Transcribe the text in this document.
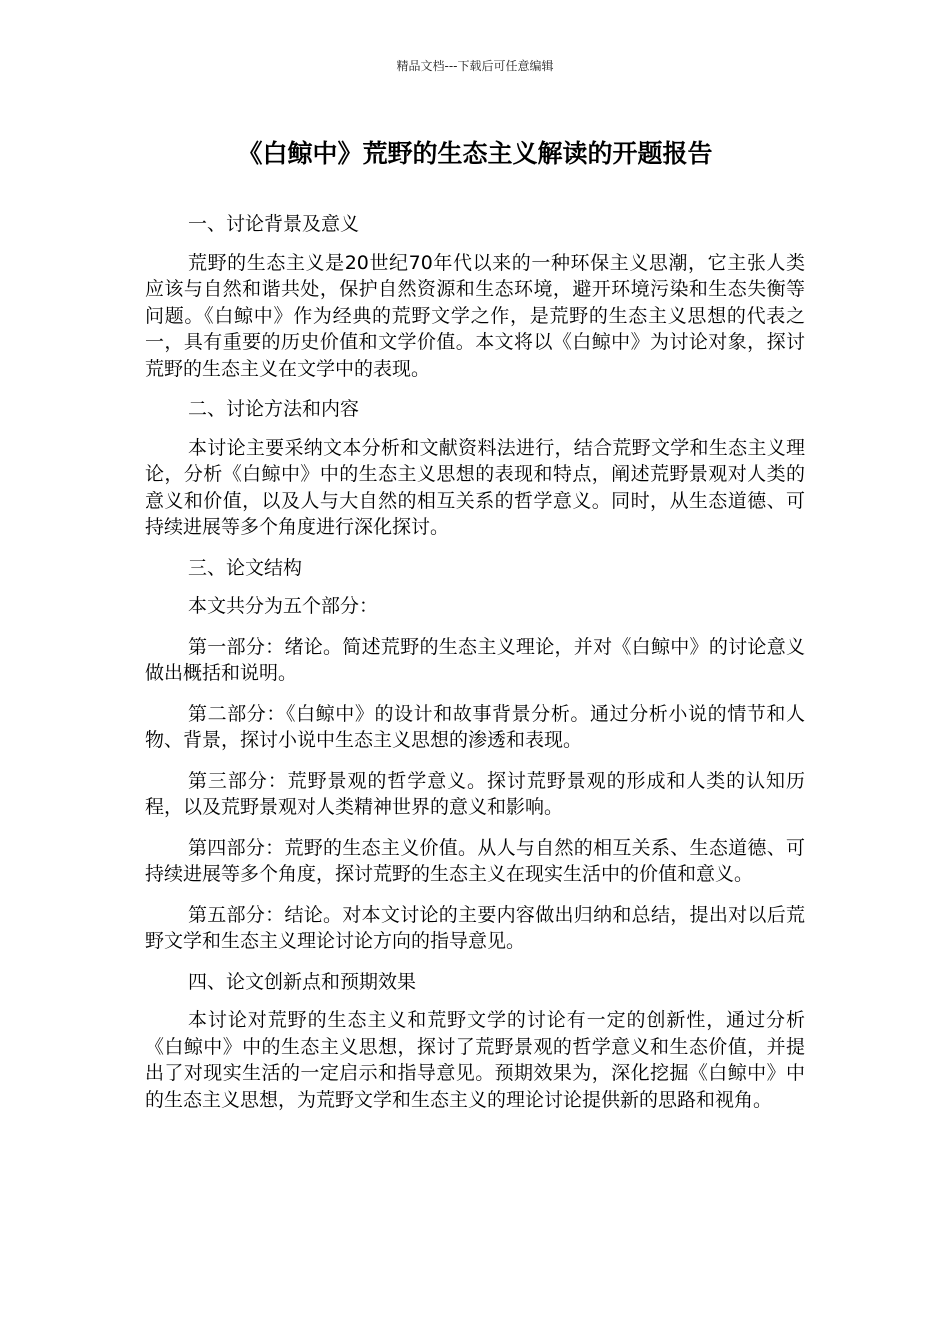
精品文档---下载后可任意编辑
《白鲸中》荒野的生态主义解读的开题报告

一、讨论背景及意义

荒野的生态主义是20世纪70年代以来的一种环保主义思潮，它主张人类应该与自然和谐共处，保护自然资源和生态环境，避开环境污染和生态失衡等问题。《白鲸中》作为经典的荒野文学之作，是荒野的生态主义思想的代表之一，具有重要的历史价值和文学价值。本文将以《白鲸中》为讨论对象，探讨荒野的生态主义在文学中的表现。

二、讨论方法和内容

本讨论主要采纳文本分析和文献资料法进行，结合荒野文学和生态主义理论，分析《白鲸中》中的生态主义思想的表现和特点，阐述荒野景观对人类的意义和价值，以及人与大自然的相互关系的哲学意义。同时，从生态道德、可持续进展等多个角度进行深化探讨。

三、论文结构

本文共分为五个部分：

第一部分：绪论。简述荒野的生态主义理论，并对《白鲸中》的讨论意义做出概括和说明。

第二部分：《白鲸中》的设计和故事背景分析。通过分析小说的情节和人物、背景，探讨小说中生态主义思想的渗透和表现。

第三部分：荒野景观的哲学意义。探讨荒野景观的形成和人类的认知历程，以及荒野景观对人类精神世界的意义和影响。

第四部分：荒野的生态主义价值。从人与自然的相互关系、生态道德、可持续进展等多个角度，探讨荒野的生态主义在现实生活中的价值和意义。

第五部分：结论。对本文讨论的主要内容做出归纳和总结，提出对以后荒野文学和生态主义理论讨论方向的指导意见。

四、论文创新点和预期效果

本讨论对荒野的生态主义和荒野文学的讨论有一定的创新性，通过分析《白鲸中》中的生态主义思想，探讨了荒野景观的哲学意义和生态价值，并提出了对现实生活的一定启示和指导意见。预期效果为，深化挖掘《白鲸中》中的生态主义思想，为荒野文学和生态主义的理论讨论提供新的思路和视角。
